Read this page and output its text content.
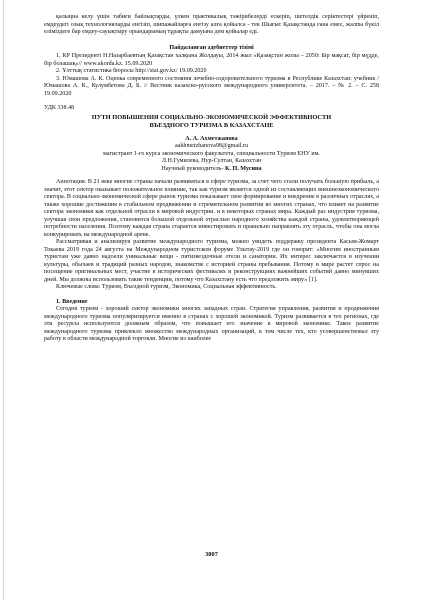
қалыңна келу үшін табиғи байлықтарды, үлкен практикалық тәжірибелерді ескеріп, шетелдік серіктестері үйреніп, емдеудегі озық технологияларды енгізіп, шипажайларға енгізу алға қойылса - тек Шығыс Қазақстанда ғана емес, жалпы бүкіл еліміздеге бар емдеу-сауықтыру орындарының тұрақты дамуына дем қойылар еді.

Пайдаланған әдебиеттер тізімі

1. КР Президенті Н.Назарбаевтың Қазақстан халқына Жолдауы, 2014 жыл «Қазақстан жолы – 2050: Бір мақсат, бір мүдде, бір болашақ»// www.akorda.kz. 15.09.2020

2. Ұлттық статистика бюросы http://stat.gov.kz/ 19.09.2020

3. Юмашова А. К. Оценка современного состояния лечебно-оздоровительного туризма в Республике Казахстан: учебник / Юмашова А. К., Кулумбетова Д. Б. // Вестник казахско-русского международного университета. – 2017. – № 2. – С. 258 19.09.2020

УДК 338.48

ПУТИ ПОВЫШЕНИЯ СОЦИАЛЬНО-ЭКОНОМИЧЕСКОЙ ЭФФЕКТИВНОСТИ
ВЪЕЗДНОГО ТУРИЗМА В КАЗАХСТАНЕ
А. А. Ахметжанова
aakhmetzhanova98@gmail.ru
магистрант 1-го курса экономического факультета, специальности Туризм ЕНУ им.
Л.Н.Гумилева, Нур-Султан, Казахстан
Научный руководитель- К. П. Мусина

Аннотация. В 21 веке многие страны начали развиваться в сфере туризма, за счет чего стали получать большую прибыль, а значит, этот сектор оказывает положительное влияние, так как туризм является одной из составляющих внешнеэкономического сектора. В социально-экономической сфере рынок туризма показывает свое формирование и внедрение в различных отраслях, а также хорошие достижения в стабильном продвижении и стремительном развитии во многих странах, что влияет на развитие сектора экономики как отдельной отрасли в мировой индустрии. и в некоторых странах мира. Каждый раз индустрия туризма, улучшая свои предложения, становится большой отдельной отраслью народного хозяйства каждой страны, удовлетворяющей потребности населения. Поэтому каждая страна старается инвестировать и правильно направлять эту отрасль, чтобы она могла конкурировать на международной арене.

Рассматривая и анализируя развитие международного туризма, можно увидеть поддержку президента Касым-Жомарт Токаева 2019 года 24 августа на Международном туристском форуме Улытау-2019 где он говорит: «Многим иностранным туристам уже давно надоели уникальные вещи - пятизвездочные отели и санатории. Их интерес заключается в изучении культуры, обычаев и традиций разных народов, знакомстве с историей страны пребывания. Потому в мире растет спрос на посещение оригинальных мест, участие в исторических фестивалях и реконструкциях важнейших событий давно минувших дней. Мы должны использовать такие тенденции, потому что Казахстану есть что предложить миру» [1].

Ключевые слова: Туризм, Въездной туризм, Экономика, Социальная эффективность.

1. Введение

Сегодня туризм - хороший сектор экономики многих западных стран. Стратегия управления, развития и продвижения международного туризма популяризируется именно в странах с хорошей экономикой. Туризм развивается в тех регионах, где эти ресурсы используются должным образом, что повышает его значение в мировой экономике. Такое развитие международного туризма привлекло множество международных организаций, в том числе тех, кто усовершенствовал эту работу в области международной торговли. Многие из наиболее

3807
